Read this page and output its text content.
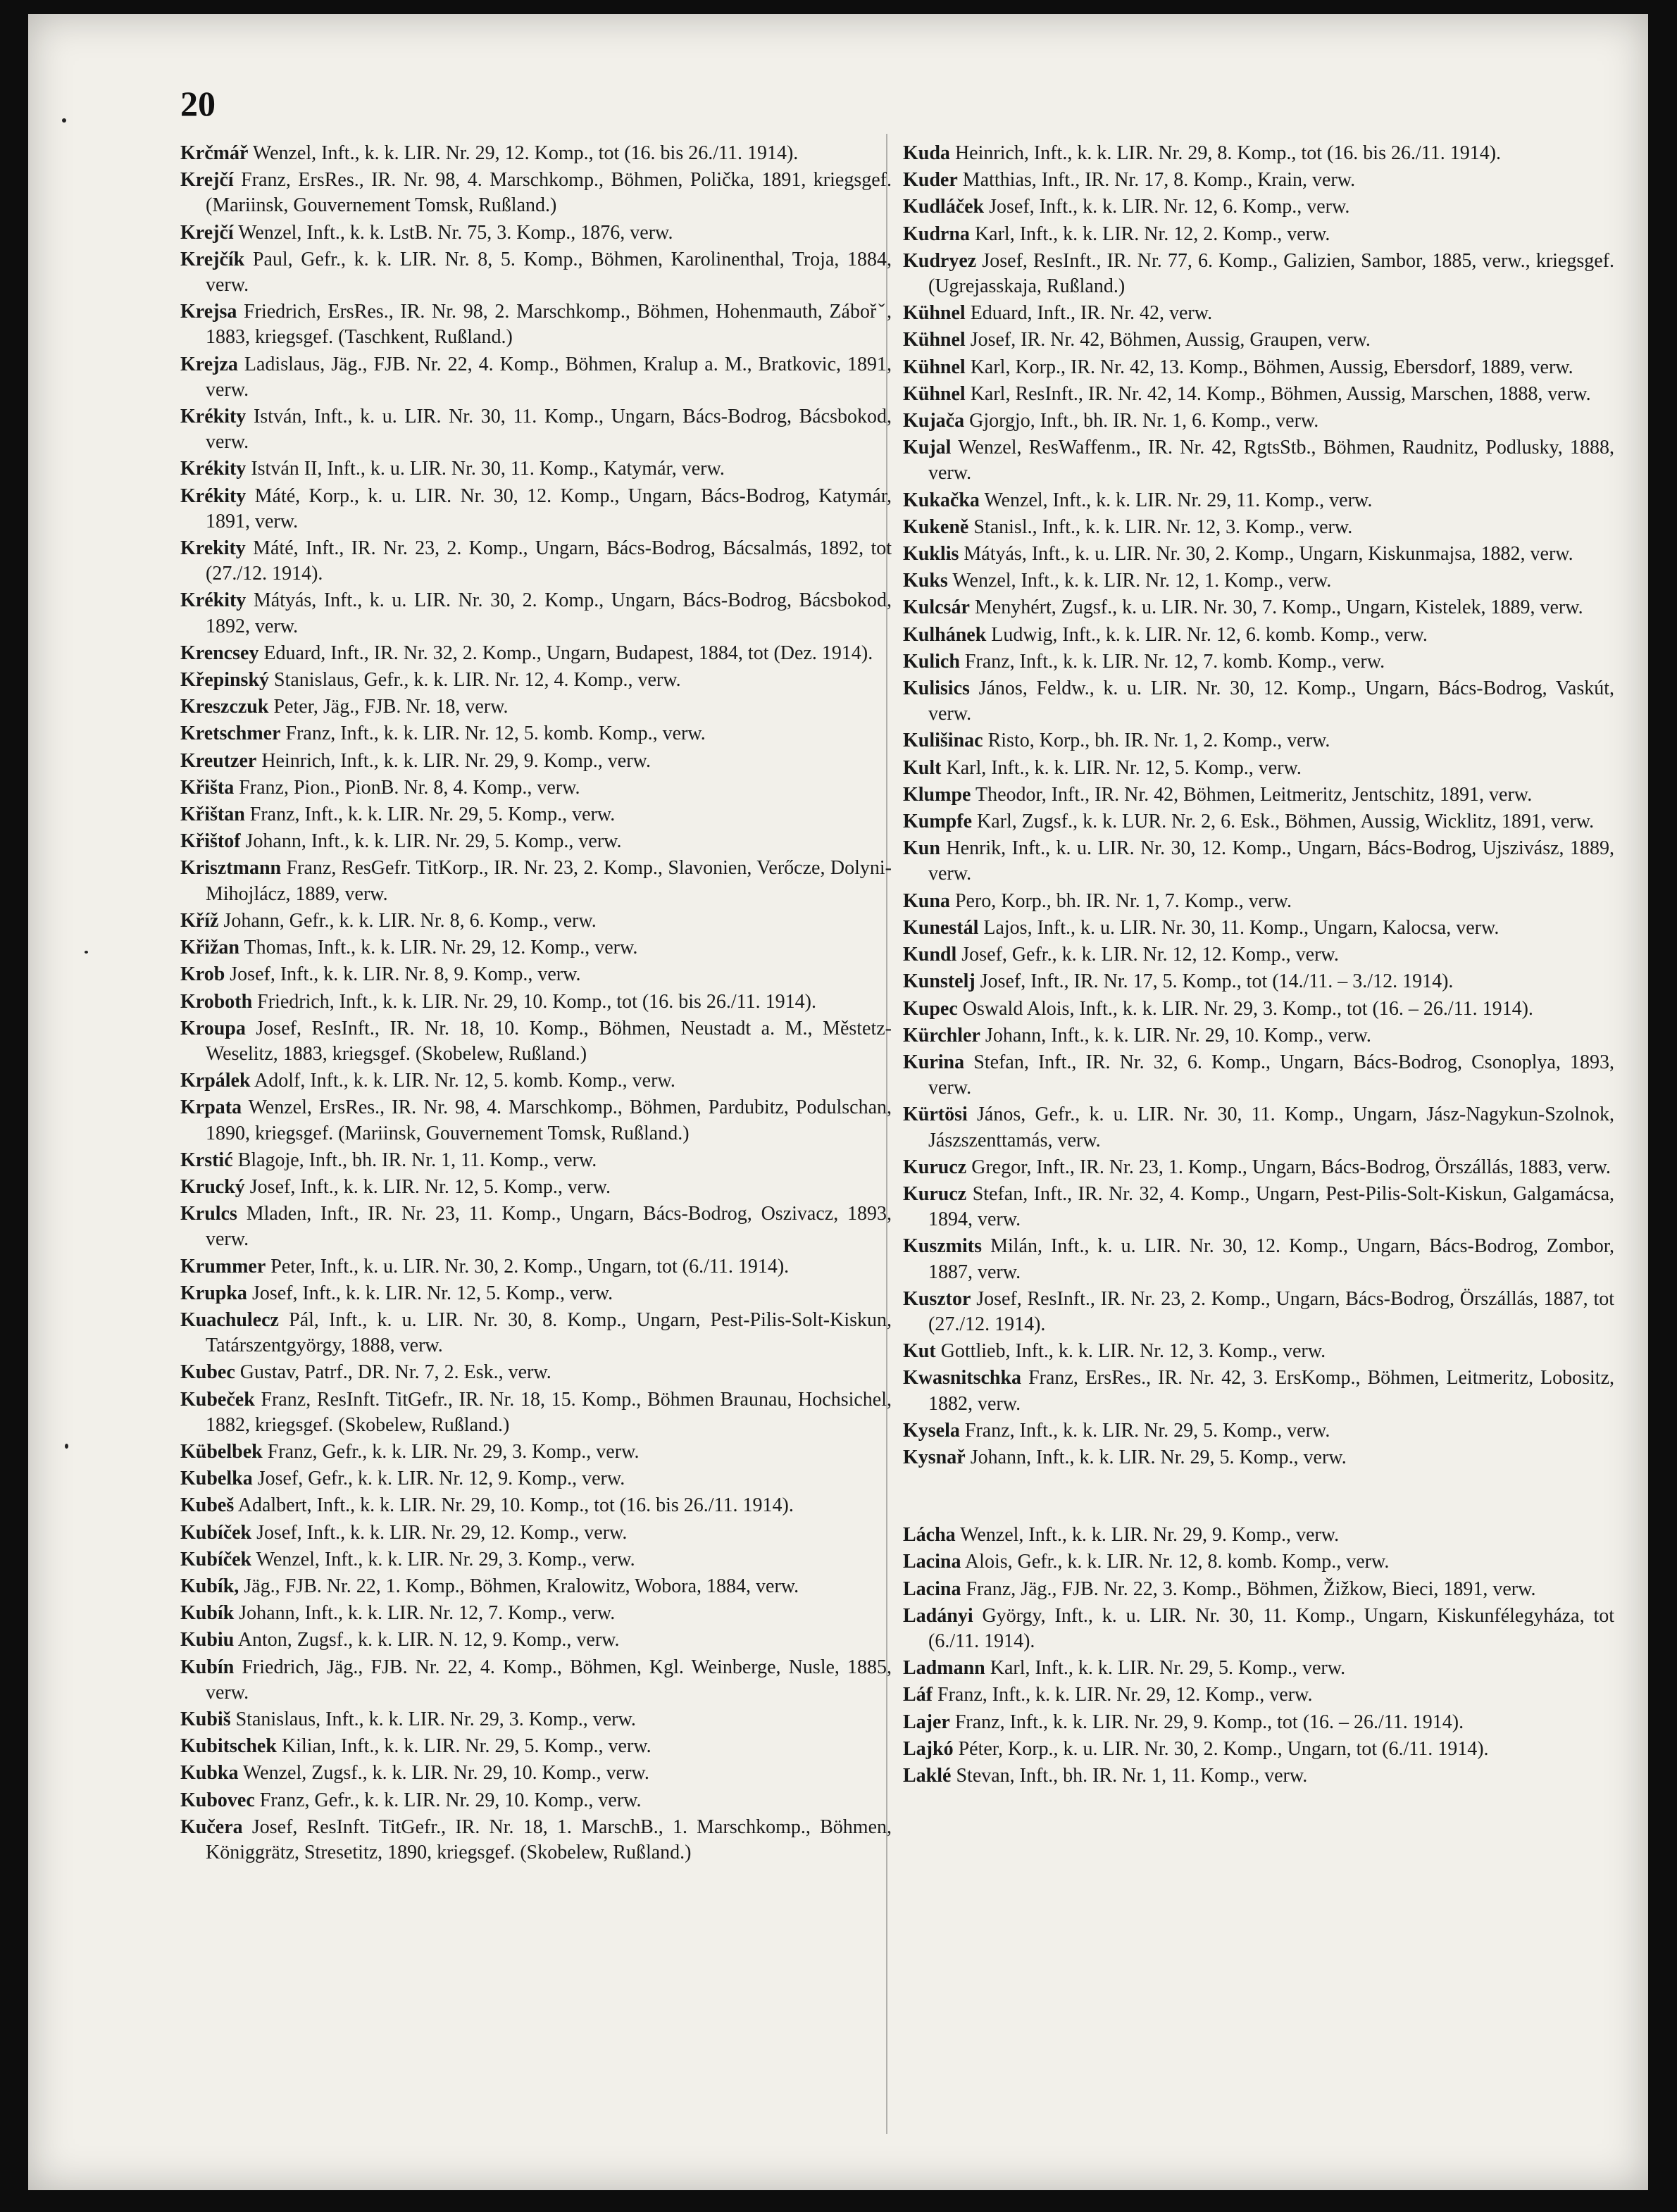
20
Krčmář Wenzel, Inft., k. k. LIR. Nr. 29, 12. Komp., tot (16. bis 26./11. 1914).
Krejčí Franz, ErsRes., IR. Nr. 98, 4. Marschkomp., Böhmen, Polička, 1891, kriegsgef. (Mariinsk, Gouvernement Tomsk, Rußland.)
Krejčí Wenzel, Inft., k. k. LstB. Nr. 75, 3. Komp., 1876, verw.
Krejčík Paul, Gefr., k. k. LIR. Nr. 8, 5. Komp., Böhmen, Karolinenthal, Troja, 1884, verw.
Krejsa Friedrich, ErsRes., IR. Nr. 98, 2. Marschkomp., Böhmen, Hohenmauth, Zábořˇ, 1883, kriegsgef. (Taschkent, Rußland.)
Krejza Ladislaus, Jäg., FJB. Nr. 22, 4. Komp., Böhmen, Kralup a. M., Bratkovic, 1891, verw.
Krékity István, Inft., k. u. LIR. Nr. 30, 11. Komp., Ungarn, Bács-Bodrog, Bácsbokod, verw.
Krékity István II, Inft., k. u. LIR. Nr. 30, 11. Komp., Katymár, verw.
Krékity Máté, Korp., k. u. LIR. Nr. 30, 12. Komp., Ungarn, Bács-Bodrog, Katymár, 1891, verw.
Krekity Máté, Inft., IR. Nr. 23, 2. Komp., Ungarn, Bács-Bodrog, Bácsalmás, 1892, tot (27./12. 1914).
Krékity Mátyás, Inft., k. u. LIR. Nr. 30, 2. Komp., Ungarn, Bács-Bodrog, Bácsbokod, 1892, verw.
Krencsey Eduard, Inft., IR. Nr. 32, 2. Komp., Ungarn, Budapest, 1884, tot (Dez. 1914).
Křepinský Stanislaus, Gefr., k. k. LIR. Nr. 12, 4. Komp., verw.
Kreszczuk Peter, Jäg., FJB. Nr. 18, verw.
Kretschmer Franz, Inft., k. k. LIR. Nr. 12, 5. komb. Komp., verw.
Kreutzer Heinrich, Inft., k. k. LIR. Nr. 29, 9. Komp., verw.
Křišta Franz, Pion., PionB. Nr. 8, 4. Komp., verw.
Křištan Franz, Inft., k. k. LIR. Nr. 29, 5. Komp., verw.
Křištof Johann, Inft., k. k. LIR. Nr. 29, 5. Komp., verw.
Krisztmann Franz, ResGefr. TitKorp., IR. Nr. 23, 2. Komp., Slavonien, Verőcze, Dolyni-Mihojlácz, 1889, verw.
Kříž Johann, Gefr., k. k. LIR. Nr. 8, 6. Komp., verw.
Křižan Thomas, Inft., k. k. LIR. Nr. 29, 12. Komp., verw.
Krob Josef, Inft., k. k. LIR. Nr. 8, 9. Komp., verw.
Kroboth Friedrich, Inft., k. k. LIR. Nr. 29, 10. Komp., tot (16. bis 26./11. 1914).
Kroupa Josef, ResInft., IR. Nr. 18, 10. Komp., Böhmen, Neustadt a. M., Městetz-Weselitz, 1883, kriegsgef. (Skobelew, Rußland.)
Krpálek Adolf, Inft., k. k. LIR. Nr. 12, 5. komb. Komp., verw.
Krpata Wenzel, ErsRes., IR. Nr. 98, 4. Marschkomp., Böhmen, Pardubitz, Podulschan, 1890, kriegsgef. (Mariinsk, Gouvernement Tomsk, Rußland.)
Krstić Blagoje, Inft., bh. IR. Nr. 1, 11. Komp., verw.
Krucký Josef, Inft., k. k. LIR. Nr. 12, 5. Komp., verw.
Krulcs Mladen, Inft., IR. Nr. 23, 11. Komp., Ungarn, Bács-Bodrog, Oszivacz, 1893, verw.
Krummer Peter, Inft., k. u. LIR. Nr. 30, 2. Komp., Ungarn, tot (6./11. 1914).
Krupka Josef, Inft., k. k. LIR. Nr. 12, 5. Komp., verw.
Kuachulecz Pál, Inft., k. u. LIR. Nr. 30, 8. Komp., Ungarn, Pest-Pilis-Solt-Kiskun, Tatárszentgyörgy, 1888, verw.
Kubec Gustav, Patrf., DR. Nr. 7, 2. Esk., verw.
Kubeček Franz, ResInft. TitGefr., IR. Nr. 18, 15. Komp., Böhmen Braunau, Hochsichel, 1882, kriegsgef. (Skobelew, Rußland.)
Kübelbek Franz, Gefr., k. k. LIR. Nr. 29, 3. Komp., verw.
Kubelka Josef, Gefr., k. k. LIR. Nr. 12, 9. Komp., verw.
Kubeš Adalbert, Inft., k. k. LIR. Nr. 29, 10. Komp., tot (16. bis 26./11. 1914).
Kubíček Josef, Inft., k. k. LIR. Nr. 29, 12. Komp., verw.
Kubíček Wenzel, Inft., k. k. LIR. Nr. 29, 3. Komp., verw.
Kubík, Jäg., FJB. Nr. 22, 1. Komp., Böhmen, Kralowitz, Wobora, 1884, verw.
Kubík Johann, Inft., k. k. LIR. Nr. 12, 7. Komp., verw.
Kubiu Anton, Zugsf., k. k. LIR. N. 12, 9. Komp., verw.
Kubín Friedrich, Jäg., FJB. Nr. 22, 4. Komp., Böhmen, Kgl. Weinberge, Nusle, 1885, verw.
Kubiš Stanislaus, Inft., k. k. LIR. Nr. 29, 3. Komp., verw.
Kubitschek Kilian, Inft., k. k. LIR. Nr. 29, 5. Komp., verw.
Kubka Wenzel, Zugsf., k. k. LIR. Nr. 29, 10. Komp., verw.
Kubovec Franz, Gefr., k. k. LIR. Nr. 29, 10. Komp., verw.
Kučera Josef, ResInft. TitGefr., IR. Nr. 18, 1. MarschB., 1. Marschkomp., Böhmen, Königgrätz, Stresetitz, 1890, kriegsgef. (Skobelew, Rußland.)
Kuda Heinrich, Inft., k. k. LIR. Nr. 29, 8. Komp., tot (16. bis 26./11. 1914).
Kuder Matthias, Inft., IR. Nr. 17, 8. Komp., Krain, verw.
Kudláček Josef, Inft., k. k. LIR. Nr. 12, 6. Komp., verw.
Kudrna Karl, Inft., k. k. LIR. Nr. 12, 2. Komp., verw.
Kudryez Josef, ResInft., IR. Nr. 77, 6. Komp., Galizien, Sambor, 1885, verw., kriegsgef. (Ugrejasskaja, Rußland.)
Kühnel Eduard, Inft., IR. Nr. 42, verw.
Kühnel Josef, IR. Nr. 42, Böhmen, Aussig, Graupen, verw.
Kühnel Karl, Korp., IR. Nr. 42, 13. Komp., Böhmen, Aussig, Ebersdorf, 1889, verw.
Kühnel Karl, ResInft., IR. Nr. 42, 14. Komp., Böhmen, Aussig, Marschen, 1888, verw.
Kujača Gjorgjo, Inft., bh. IR. Nr. 1, 6. Komp., verw.
Kujal Wenzel, ResWaffenm., IR. Nr. 42, RgtsStb., Böhmen, Raudnitz, Podlusky, 1888, verw.
Kukačka Wenzel, Inft., k. k. LIR. Nr. 29, 11. Komp., verw.
Kukeně Stanisl., Inft., k. k. LIR. Nr. 12, 3. Komp., verw.
Kuklis Mátyás, Inft., k. u. LIR. Nr. 30, 2. Komp., Ungarn, Kiskunmajsa, 1882, verw.
Kuks Wenzel, Inft., k. k. LIR. Nr. 12, 1. Komp., verw.
Kulcsár Menyhért, Zugsf., k. u. LIR. Nr. 30, 7. Komp., Ungarn, Kistelek, 1889, verw.
Kulhánek Ludwig, Inft., k. k. LIR. Nr. 12, 6. komb. Komp., verw.
Kulich Franz, Inft., k. k. LIR. Nr. 12, 7. komb. Komp., verw.
Kulisics János, Feldw., k. u. LIR. Nr. 30, 12. Komp., Ungarn, Bács-Bodrog, Vaskút, verw.
Kulišinac Risto, Korp., bh. IR. Nr. 1, 2. Komp., verw.
Kult Karl, Inft., k. k. LIR. Nr. 12, 5. Komp., verw.
Klumpe Theodor, Inft., IR. Nr. 42, Böhmen, Leitmeritz, Jentschitz, 1891, verw.
Kumpfe Karl, Zugsf., k. k. LUR. Nr. 2, 6. Esk., Böhmen, Aussig, Wicklitz, 1891, verw.
Kun Henrik, Inft., k. u. LIR. Nr. 30, 12. Komp., Ungarn, Bács-Bodrog, Ujszivász, 1889, verw.
Kuna Pero, Korp., bh. IR. Nr. 1, 7. Komp., verw.
Kunestál Lajos, Inft., k. u. LIR. Nr. 30, 11. Komp., Ungarn, Kalocsa, verw.
Kundl Josef, Gefr., k. k. LIR. Nr. 12, 12. Komp., verw.
Kunstelj Josef, Inft., IR. Nr. 17, 5. Komp., tot (14./11. – 3./12. 1914).
Kupec Oswald Alois, Inft., k. k. LIR. Nr. 29, 3. Komp., tot (16. – 26./11. 1914).
Kürchler Johann, Inft., k. k. LIR. Nr. 29, 10. Komp., verw.
Kurina Stefan, Inft., IR. Nr. 32, 6. Komp., Ungarn, Bács-Bodrog, Csonoplya, 1893, verw.
Kürtösi János, Gefr., k. u. LIR. Nr. 30, 11. Komp., Ungarn, Jász-Nagykun-Szolnok, Jászszenttamás, verw.
Kurucz Gregor, Inft., IR. Nr. 23, 1. Komp., Ungarn, Bács-Bodrog, Örszállás, 1883, verw.
Kurucz Stefan, Inft., IR. Nr. 32, 4. Komp., Ungarn, Pest-Pilis-Solt-Kiskun, Galgamácsa, 1894, verw.
Kuszmits Milán, Inft., k. u. LIR. Nr. 30, 12. Komp., Ungarn, Bács-Bodrog, Zombor, 1887, verw.
Kusztor Josef, ResInft., IR. Nr. 23, 2. Komp., Ungarn, Bács-Bodrog, Örszállás, 1887, tot (27./12. 1914).
Kut Gottlieb, Inft., k. k. LIR. Nr. 12, 3. Komp., verw.
Kwasnitschka Franz, ErsRes., IR. Nr. 42, 3. ErsKomp., Böhmen, Leitmeritz, Lobositz, 1882, verw.
Kysela Franz, Inft., k. k. LIR. Nr. 29, 5. Komp., verw.
Kysnař Johann, Inft., k. k. LIR. Nr. 29, 5. Komp., verw.
Lácha Wenzel, Inft., k. k. LIR. Nr. 29, 9. Komp., verw.
Lacina Alois, Gefr., k. k. LIR. Nr. 12, 8. komb. Komp., verw.
Lacina Franz, Jäg., FJB. Nr. 22, 3. Komp., Böhmen, Žižkow, Bieci, 1891, verw.
Ladányi György, Inft., k. u. LIR. Nr. 30, 11. Komp., Ungarn, Kiskunfélegyháza, tot (6./11. 1914).
Ladmann Karl, Inft., k. k. LIR. Nr. 29, 5. Komp., verw.
Láf Franz, Inft., k. k. LIR. Nr. 29, 12. Komp., verw.
Lajer Franz, Inft., k. k. LIR. Nr. 29, 9. Komp., tot (16. – 26./11. 1914).
Lajkó Péter, Korp., k. u. LIR. Nr. 30, 2. Komp., Ungarn, tot (6./11. 1914).
Laklé Stevan, Inft., bh. IR. Nr. 1, 11. Komp., verw.
